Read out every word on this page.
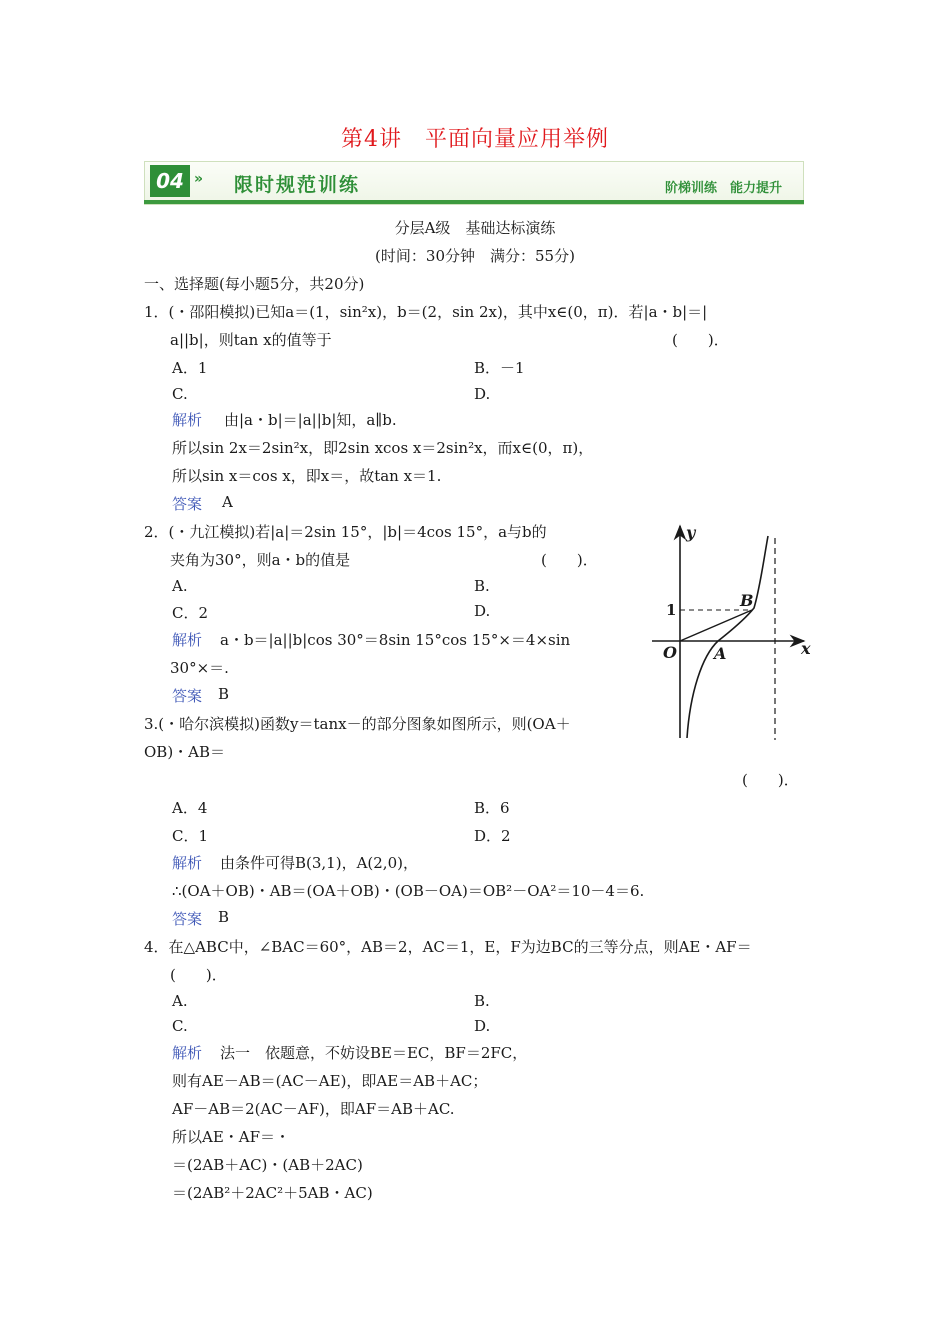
第4讲　平面向量应用举例
04 » 限时规范训练	阶梯训练　能力提升
分层A级　基础达标演练
(时间：30分钟　满分：55分)
一、选择题(每小题5分，共20分)
1．(・邵阳模拟)已知a＝(1，sin²x)，b＝(2，sin 2x)，其中x∈(0，π)．若|a・b|＝|
a||b|，则tan x的值等于	(　　)．
A．1	B．－1
C.	D.
解析 由|a・b|＝|a||b|知，a∥b.
所以sin 2x＝2sin²x，即2sin xcos x＝2sin²x，而x∈(0，π)，
所以sin x＝cos x，即x＝，故tan x＝1.
答案 A
2．(・九江模拟)若|a|＝2sin 15°，|b|＝4cos 15°，a与b的
夹角为30°，则a・b的值是	(　　)．
A.	B.
C．2	D.
解析 a・b＝|a||b|cos 30°＝8sin 15°cos 15°×＝4×sin
30°×＝.
答案 B
y
x
O A
B
1
3.(・哈尔滨模拟)函数y＝tanx－的部分图象如图所示，则(OA＋
OB)・AB＝
(　　)．
A．4	B．6
C．1	D．2
解析 由条件可得B(3,1)，A(2,0)，
∴(OA＋OB)・AB＝(OA＋OB)・(OB－OA)＝OB²－OA²＝10－4＝6.
答案 B
4．在△ABC中，∠BAC＝60°，AB＝2，AC＝1，E，F为边BC的三等分点，则AE・AF＝
(　　)．
A.	B.
C.	D.
解析 法一　依题意，不妨设BE＝EC，BF＝2FC，
则有AE－AB＝(AC－AE)，即AE＝AB＋AC；
AF－AB＝2(AC－AF)，即AF＝AB＋AC.
所以AE・AF＝・
＝(2AB＋AC)・(AB＋2AC)
＝(2AB²＋2AC²＋5AB・AC)
